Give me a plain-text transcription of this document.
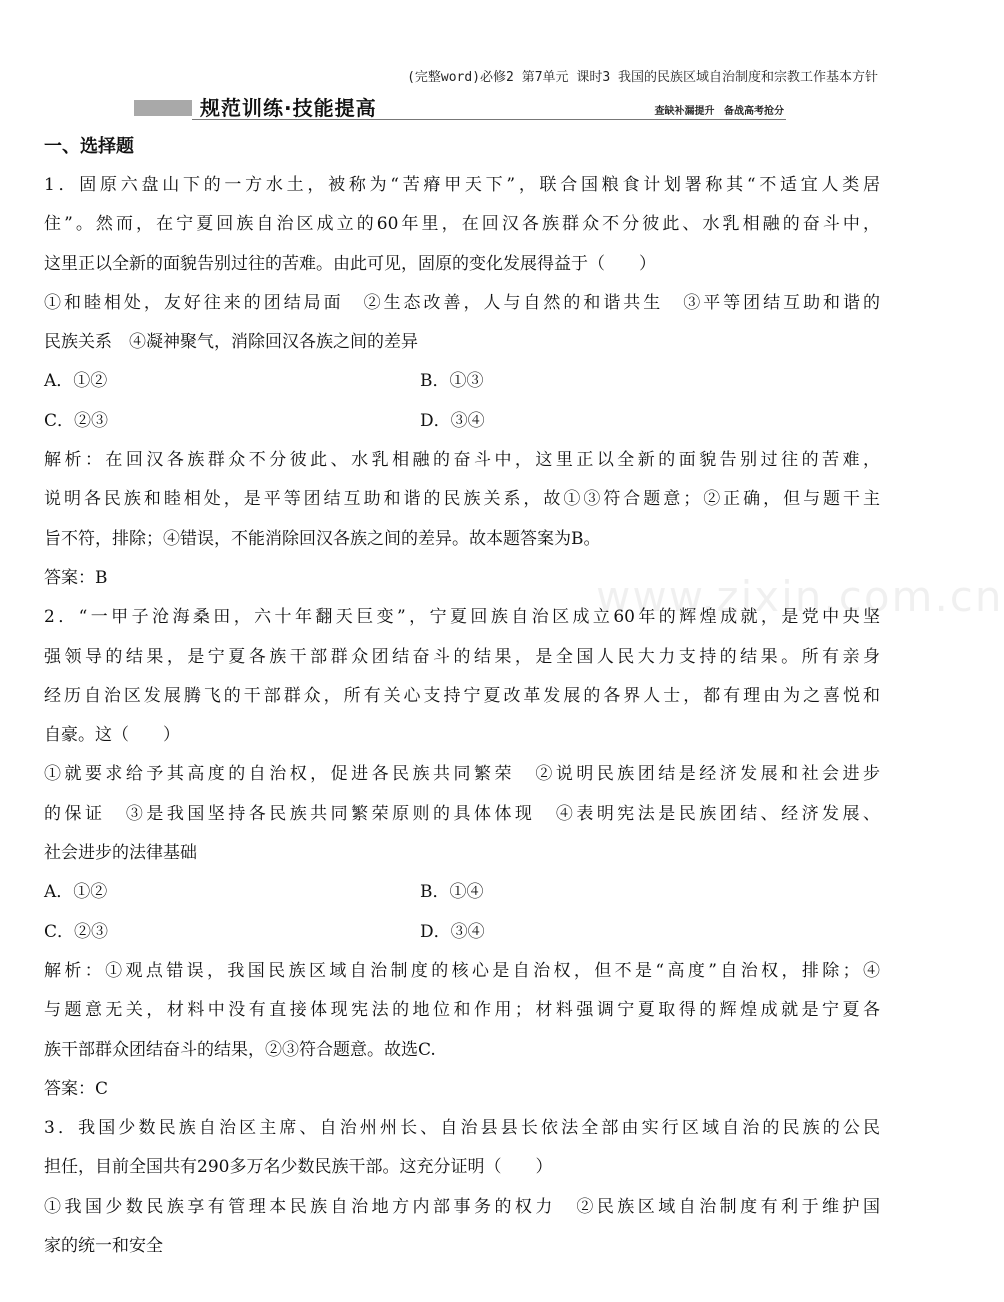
(完整word)必修2 第7单元 课时3 我国的民族区域自治制度和宗教工作基本方针
规范训练·技能提高	查缺补漏提升 备战高考抢分
www.zixin.com.cn
一、选择题
1．固原六盘山下的一方水土，被称为“苦瘠甲天下”，联合国粮食计划署称其“不适宜人类居
住”。然而，在宁夏回族自治区成立的60年里，在回汉各族群众不分彼此、水乳相融的奋斗中，
这里正以全新的面貌告别过往的苦难。由此可见，固原的变化发展得益于（　　）
①和睦相处，友好往来的团结局面　②生态改善，人与自然的和谐共生　③平等团结互助和谐的
民族关系　④凝神聚气，消除回汉各族之间的差异
A．①②	B．①③
C．②③	D．③④
解析：在回汉各族群众不分彼此、水乳相融的奋斗中，这里正以全新的面貌告别过往的苦难，
说明各民族和睦相处，是平等团结互助和谐的民族关系，故①③符合题意；②正确，但与题干主
旨不符，排除；④错误，不能消除回汉各族之间的差异。故本题答案为B。
答案：B
2．“一甲子沧海桑田，六十年翻天巨变”，宁夏回族自治区成立60年的辉煌成就，是党中央坚
强领导的结果，是宁夏各族干部群众团结奋斗的结果，是全国人民大力支持的结果。所有亲身
经历自治区发展腾飞的干部群众，所有关心支持宁夏改革发展的各界人士，都有理由为之喜悦和
自豪。这（　　）
①就要求给予其高度的自治权，促进各民族共同繁荣　②说明民族团结是经济发展和社会进步
的保证　③是我国坚持各民族共同繁荣原则的具体体现　④表明宪法是民族团结、经济发展、
社会进步的法律基础
A．①②	B．①④
C．②③	D．③④
解析：①观点错误，我国民族区域自治制度的核心是自治权，但不是“高度”自治权，排除；④
与题意无关，材料中没有直接体现宪法的地位和作用；材料强调宁夏取得的辉煌成就是宁夏各
族干部群众团结奋斗的结果，②③符合题意。故选C.
答案：C
3．我国少数民族自治区主席、自治州州长、自治县县长依法全部由实行区域自治的民族的公民
担任，目前全国共有290多万名少数民族干部。这充分证明（　　）
①我国少数民族享有管理本民族自治地方内部事务的权力　②民族区域自治制度有利于维护国
家的统一和安全
